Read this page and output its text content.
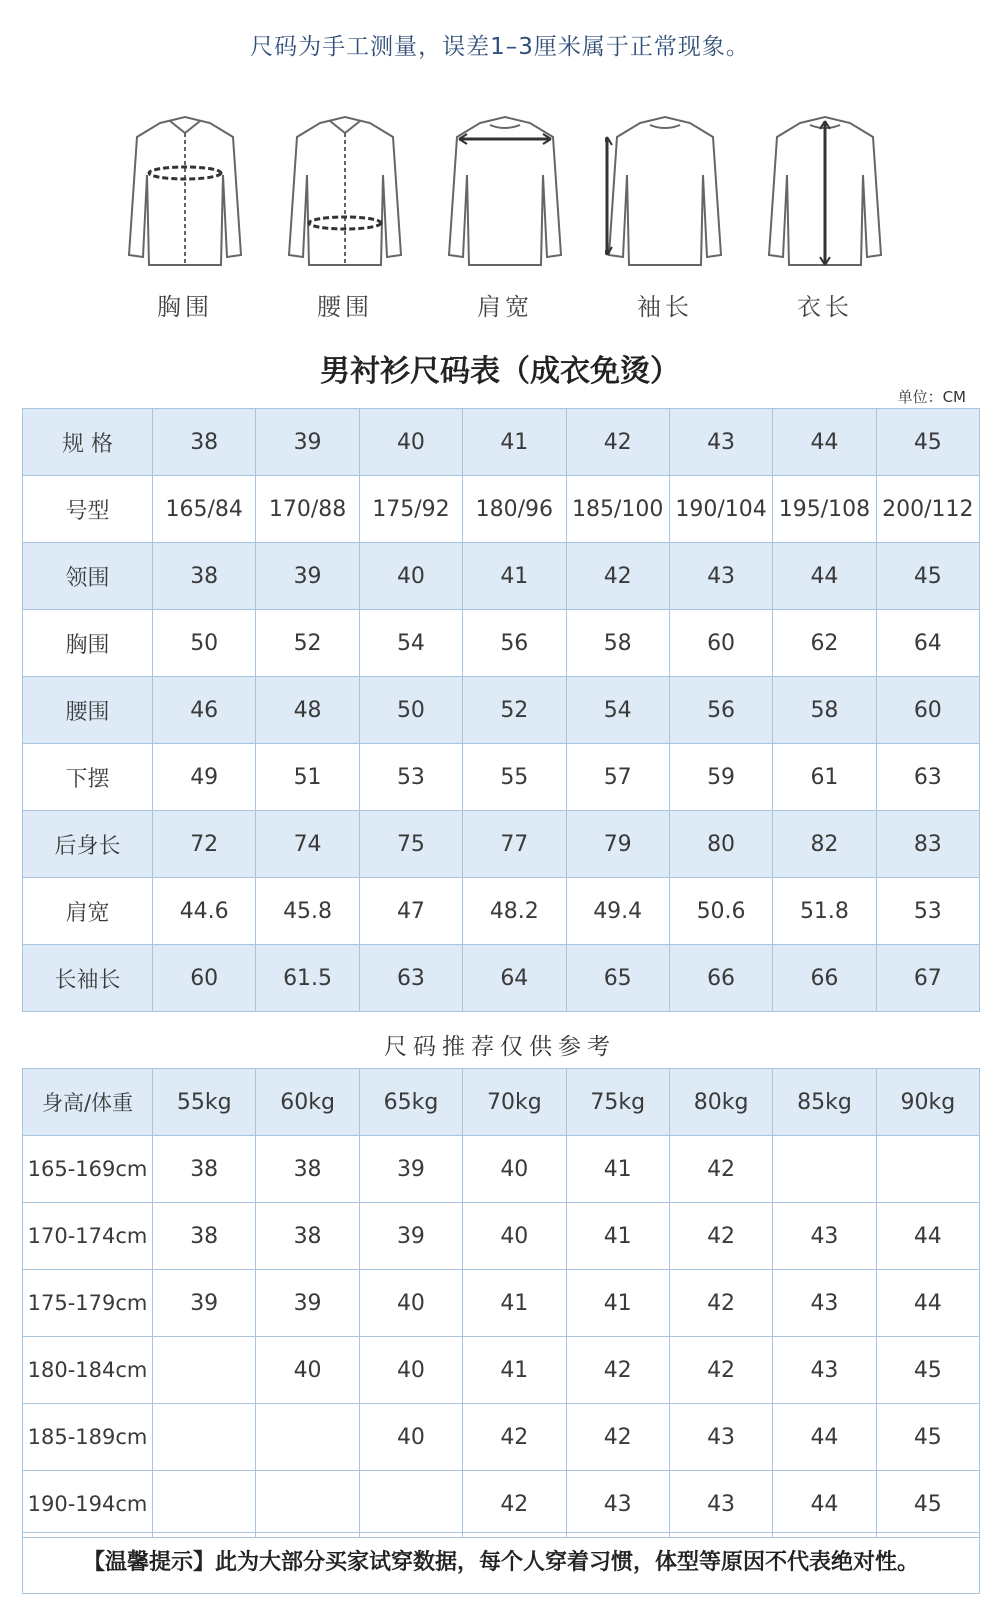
尺码为手工测量，误差1–3厘米属于正常现象。
胸围	腰围	肩宽	袖长	衣长
男衬衫尺码表（成衣免烫）
单位：CM
规 格	38	39	40	41	42	43	44	45
号型	165/84	170/88	175/92	180/96	185/100	190/104	195/108	200/112
领围	38	39	40	41	42	43	44	45
胸围	50	52	54	56	58	60	62	64
腰围	46	48	50	52	54	56	58	60
下摆	49	51	53	55	57	59	61	63
后身长	72	74	75	77	79	80	82	83
肩宽	44.6	45.8	47	48.2	49.4	50.6	51.8	53
长袖长	60	61.5	63	64	65	66	66	67
尺码推荐仅供参考
身高/体重	55kg	60kg	65kg	70kg	75kg	80kg	85kg	90kg
165-169cm	38	38	39	40	41	42		
170-174cm	38	38	39	40	41	42	43	44
175-179cm	39	39	40	41	41	42	43	44
180-184cm		40	40	41	42	42	43	45
185-189cm			40	42	42	43	44	45
190-194cm				42	43	43	44	45
【温馨提示】此为大部分买家试穿数据，每个人穿着习惯，体型等原因不代表绝对性。
